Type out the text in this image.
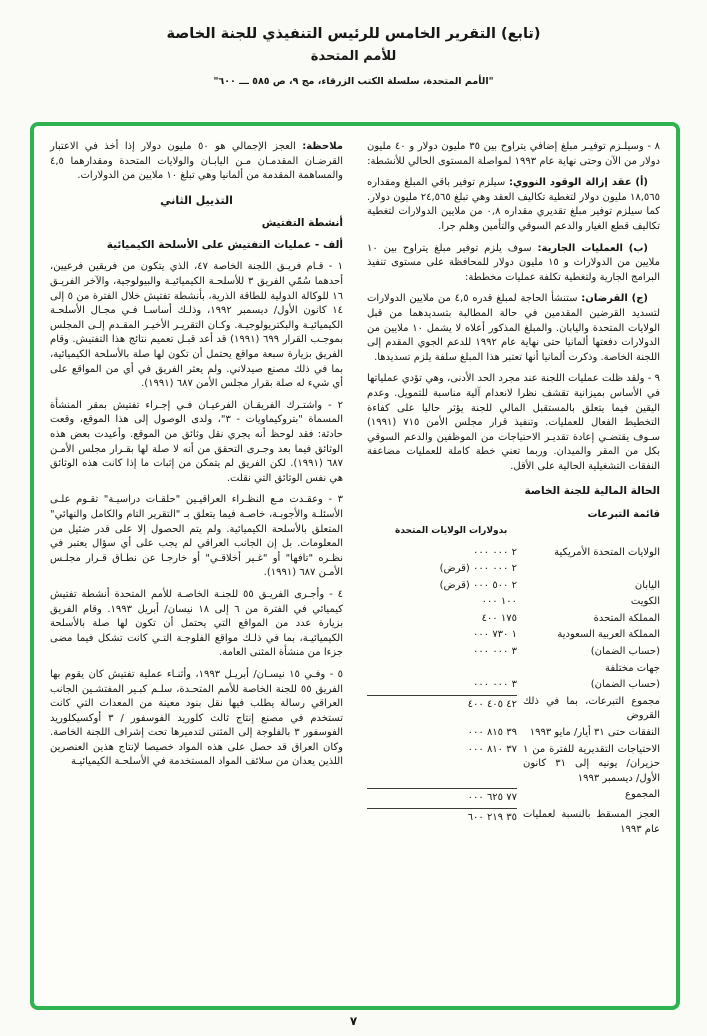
(تابع) التقرير الخامس للرئيس التنفيذي للجنة الخاصة
للأمم المتحدة
"الأمم المتحدة، سلسلة الكتب الزرقاء، مج ٩، ص ٥٨٥ ـــ ٦٠٠"

٨ - وسيلـزم توفيـر مبلغ إضافي يتراوح بين ٣٥ مليون دولار و ٤٠ مليون دولار من الآن وحتى نهاية عام ١٩٩٣ لمواصلة المستوى الحالي للأنشطة:

(أ)​ عقد إزالة الوقود النووي: سيلزم توفير باقي المبلغ ومقداره ١٨,٥٦٥ مليون دولار لتغطية تكاليف العقد وهي تبلغ ٢٤,٥٦٥ مليون دولار. كما سيلزم توفير مبلغ تقديري مقداره ٠,٨ من ملايين الدولارات لتغطية تكاليف قطع الغيار والدعم السوقي والتأمين وهلم جرا.

(ب)​ العمليات الجارية: سوف يلزم توفير مبلغ يتراوح بين ١٠ ملايين من الدولارات و ١٥ مليون دولار للمحافظة على مستوى تنفيذ البرامج الجارية ولتغطية تكلفة عمليات مخططة:

(ج)​ القرضان: ستنشأ الحاجة لمبلغ قدره ٤,٥ من ملايين الدولارات لتسديد القرضين المقدمين في حالة المطالبة بتسديدهما من قبل الولايات المتحدة واليابان. والمبلغ المذكور أعلاه لا يشمل ١٠ ملايين من الدولارات دفعتها ألمانيا حتى نهاية عام ١٩٩٢ للدعم الجوي المقدم إلى اللجنة الخاصة. وذكرت ألمانيا أنها تعتبر هذا المبلغ سلفة يلزم تسديدها.

٩ - ولقد ظلت عمليات اللجنة عند مجرد الحد الأدنى، وهي تؤدي عملياتها في الأساس بميزانية تقشف نظرا لانعدام آلية مناسبة للتمويل. وعدم اليقين فيما يتعلق بالمستقبل المالي للجنة يؤثر حاليا على كفاءة التخطيط الفعال للعمليات. وتنفيذ قرار مجلس الأمن ٧١٥ (١٩٩١) سـوف يقتضـي إعادة تقديـر الاحتياجات من الموظفين والدعم السوقي بكل من المقر والميدان. وربما تعني خطة كاملة للعمليات مضاعفة النفقات التشغيلية الحالية على الأقل.

الحالة المالية للجنة الخاصة
قائمة التبرعات
بدولارات الولايات المتحدة
الولايات المتحدة الأمريكية
٢ ٠٠٠ ٠٠٠
٢ ٠٠٠ ٠٠٠ (قرض)
اليابان
٢ ٥٠٠ ٠٠٠ (قرض)
الكويت
١٠٠ ٠٠٠
المملكة المتحدة
١٧٥ ٤٠٠
المملكة العربية السعودية
١ ٧٣٠ ٠٠٠
(حساب الضمان)
٣ ٠٠٠ ٠٠٠
جهات مختلفة
(حساب الضمان)
٣ ٠٠٠ ٠٠٠
مجموع التبرعات، بما في ذلك القروض
٤٢ ٤٠٥ ٤٠٠
النفقات حتى ٣١ أيار/ مايو ١٩٩٣
٣٩ ٨١٥ ٠٠٠
الاحتياجات التقديرية للفترة من ١ حزيران/ يونيه إلى ٣١ كانون الأول/ ديسمبر ١٩٩٣
٣٧ ٨١٠ ٠٠٠
المجموع
٧٧ ٦٢٥ ٠٠٠
العجز المسقط بالنسبة لعمليات عام ١٩٩٣
٣٥ ٢١٩ ٦٠٠

ملاحظة: العجز الإجمالي هو ٥٠ مليون دولار إذا أخذ في الاعتبار القرضـان المقدمـان مـن اليابـان والولايات المتحدة ومقدارهما ٤,٥ والمساهمة المقدمة من ألمانيا وهي تبلغ ١٠ ملايين من الدولارات.

التذييل الثاني
أنشطة التفتيش
ألف - عمليات التفتيش على الأسلحة الكيميائية

١ - قـام فريـق اللجنة الخاصة ٤٧، الذي يتكون من فريقين فرعيين، أحدهما سُمّي الفريق ٣ للأسلحـة الكيميائيـة والبيولوجية، والآخر الفريـق ١٦ للوكالة الدولية للطاقة الذرية، بأنشطة تفتيش خلال الفترة من ٥ إلى ١٤ كانون الأول/ ديسمبر ١٩٩٢، وذلـك أساسـا فـي مجـال الأسلحـة الكيميائيـة والبكتريولوجيـة. وكـان التقريـر الأخيـر المقـدم إلـى المجلس بموجـب القرار ٦٩٩ (١٩٩١) قد أعد قبـل تعميم نتائج هذا التفتيش. وقام الفريق بزيارة سبعة مواقع يحتمل أن تكون لها صلة بالأسلحة الكيميائية، بما في ذلك مصنع صيدلاني. ولم يعثر الفريق في أي من المواقع على أي شيء له صلة بقرار مجلس الأمن ٦٨٧ (١٩٩١).

٢ - واشتـرك الفريقـان الفرعيـان فـي إجـراء تفتيش بمقر المنشأة المسماة "بتروكيماويات - ٣"، ولدى الوصول إلى هذا الموقع، وقعت حادثة: فقد لوحظ أنه يجري نقل وثائق من الموقع. وأعيدت بعض هذه الوثائق فيما بعد وجـرى التحقق من أنه لا صلة لها بقـرار مجلس الأمـن ٦٨٧ (١٩٩١). لكن الفريق لم يتمكن من إثبات ما إذا كانت هذه الوثائق هي نفس الوثائق التي نقلت.

٣ - وعقـدت مـع النظـراء العراقيـين "حلقـات دراسيـة" تقـوم علـى الأسئلـة والأجوبـة، خاصـة فيما يتعلق بـ "التقرير التام والكامل والنهائي" المتعلق بالأسلحة الكيميائية. ولم يتم الحصول إلا على قدر ضئيل من المعلومات. بل إن الجانب العراقي لم يجب على أي سؤال يعتبر في نظـره "تافها" أو "غـير أخلاقـي" أو خارجـا عن نطـاق قـرار مجلـس الأمـن ٦٨٧ (١٩٩١).

٤ - وأجـرى الفريـق ٥٥ للجنـة الخاصـة للأمم المتحدة أنشطة تفتيش كيميائي في الفترة من ٦ إلى ١٨ نيسان/ أبريل ١٩٩٣. وقام الفريق بزيارة عدد من المواقع التي يحتمل أن تكون لها صلة بالأسلحة الكيميائيـة، بما في ذلـك مواقع الفلوجـة التـي كانت تشكل فيما مضى جزءا من منشأة المثنى العامة.

٥ - وفـي ١٥ نيسـان/ أبريـل ١٩٩٣، وأثنـاء عملية تفتيش كان يقوم بها الفريق ٥٥ للجنة الخاصة للأمم المتحـدة، سلـم كبـير المفتشـين الجانب العراقي رسالة يطلب فيها نقل بنود معينة من المعدات التي كانت تستخدم في مصنع إنتاج ثالث كلوريد الفوسفور / ٣ أوكسيكلوريد الفوسفور ٣ بالفلوجة إلى المثنى لتدميرها تحت إشراف اللجنة الخاصة. وكان العراق قد حصل على هذه المواد خصيصا لإنتاج هذين العنصرين اللذين يعدان من سلائف المواد المستخدمة في الأسلحـة الكيميائيـة

٧
